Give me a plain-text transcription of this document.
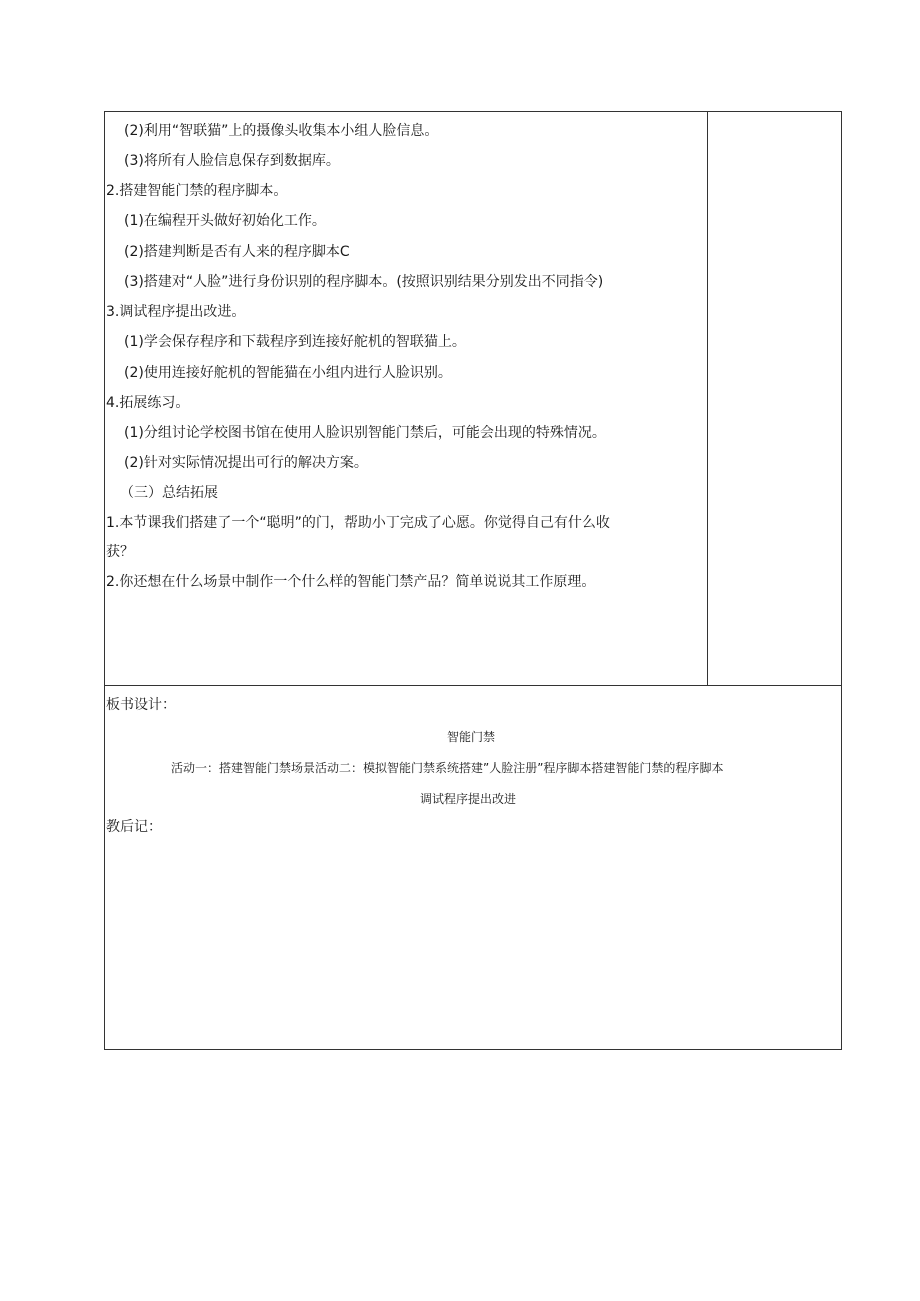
(2)利用“智联猫”上的摄像头收集本小组人脸信息。
(3)将所有人脸信息保存到数据库。
2.搭建智能门禁的程序脚本。
(1)在编程开头做好初始化工作。
(2)搭建判断是否有人来的程序脚本C
(3)搭建对“人脸”进行身份识别的程序脚本。(按照识别结果分别发出不同指令)
3.调试程序提出改进。
(1)学会保存程序和下载程序到连接好舵机的智联猫上。
(2)使用连接好舵机的智能猫在小组内进行人脸识别。
4.拓展练习。
(1)分组讨论学校图书馆在使用人脸识别智能门禁后，可能会出现的特殊情况。
(2)针对实际情况提出可行的解决方案。
（三）总结拓展
1.本节课我们搭建了一个“聪明”的门，帮助小丁完成了心愿。你觉得自己有什么收
获？
2.你还想在什么场景中制作一个什么样的智能门禁产品？简单说说其工作原理。
板书设计：
智能门禁
活动一：搭建智能门禁场景活动二：模拟智能门禁系统搭建”人脸注册”程序脚本搭建智能门禁的程序脚本
调试程序提出改进
教后记：
